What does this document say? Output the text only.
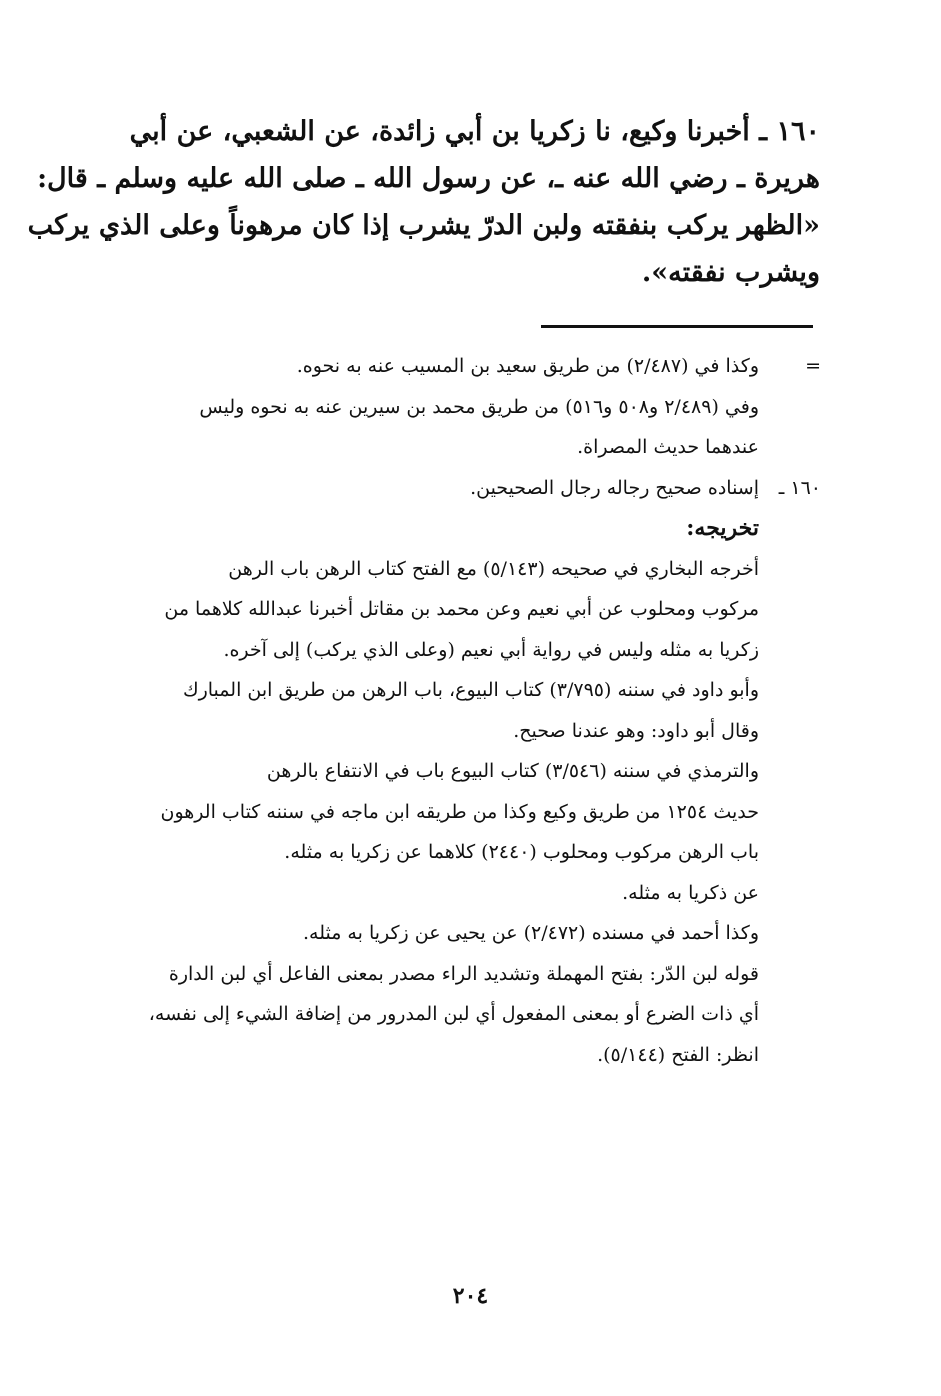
١٦٠ ـ أخبرنا وكيع، نا زكريا بن أبي زائدة، عن الشعبي، عن أبي
هريرة ـ رضي الله عنه ـ، عن رسول الله ـ صلى الله عليه وسلم ـ قال:
«الظهر يركب بنفقته ولبن الدرّ يشرب إذا كان مرهوناً وعلى الذي يركب
ويشرب نفقته».
=وكذا في (٢/٤٨٧) من طريق سعيد بن المسيب عنه به نحوه.
وفي (٢/٤٨٩ و٥٠٨ و٥١٦) من طريق محمد بن سيرين عنه به نحوه وليس
عندهما حديث المصراة.
١٦٠ ـإسناده صحيح رجاله رجال الصحيحين.
تخريجه:
أخرجه البخاري في صحيحه (٥/١٤٣) مع الفتح كتاب الرهن باب الرهن
مركوب ومحلوب عن أبي نعيم وعن محمد بن مقاتل أخبرنا عبدالله كلاهما من
زكريا به مثله وليس في رواية أبي نعيم (وعلى الذي يركب) إلى آخره.
وأبو داود في سننه (٣/٧٩٥) كتاب البيوع، باب الرهن من طريق ابن المبارك
وقال أبو داود: وهو عندنا صحيح.
والترمذي في سننه (٣/٥٤٦) كتاب البيوع باب في الانتفاع بالرهن
حديث ١٢٥٤ من طريق وكيع وكذا من طريقه ابن ماجه في سننه كتاب الرهون
باب الرهن مركوب ومحلوب (٢٤٤٠) كلاهما عن زكريا به مثله.
عن ذكريا به مثله.
وكذا أحمد في مسنده (٢/٤٧٢) عن يحيى عن زكريا به مثله.
قوله لبن الدّر: بفتح المهملة وتشديد الراء مصدر بمعنى الفاعل أي لبن الدارة
أي ذات الضرع أو بمعنى المفعول أي لبن المدرور من إضافة الشيء إلى نفسه،
انظر: الفتح (٥/١٤٤).
٢٠٤
